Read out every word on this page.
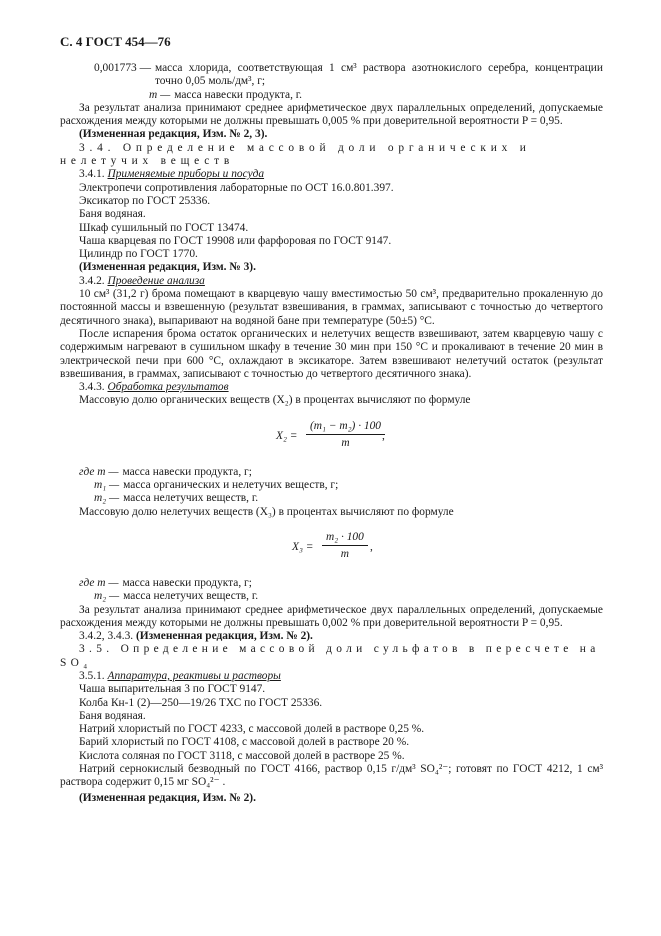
С. 4 ГОСТ 454—76
0,001773 — масса хлорида, соответствующая 1 см³ раствора азотнокислого серебра, концентрации точно 0,05 моль/дм³, г;
m — масса навески продукта, г.

За результат анализа принимают среднее арифметическое двух параллельных определений, допускаемые расхождения между которыми не должны превышать 0,005 % при доверительной вероятности P = 0,95.

(Измененная редакция, Изм. № 2, 3).

3.4. Определение массовой доли органических и нелетучих веществ

3.4.1. Применяемые приборы и посуда

Электропечи сопротивления лабораторные по ОСТ 16.0.801.397.

Эксикатор по ГОСТ 25336.

Баня водяная.

Шкаф сушильный по ГОСТ 13474.

Чаша кварцевая по ГОСТ 19908 или фарфоровая по ГОСТ 9147.

Цилиндр по ГОСТ 1770.

(Измененная редакция, Изм. № 3).

3.4.2. Проведение анализа

10 см³ (31,2 г) брома помещают в кварцевую чашу вместимостью 50 см³, предварительно прокаленную до постоянной массы и взвешенную (результат взвешивания, в граммах, записывают с точностью до четвертого десятичного знака), выпаривают на водяной бане при температуре (50±5) °С.

После испарения брома остаток органических и нелетучих веществ взвешивают, затем кварцевую чашу с содержимым нагревают в сушильном шкафу в течение 30 мин при 150 °С и прокаливают в течение 20 мин в электрической печи при 600 °С, охлаждают в эксикаторе. Затем взвешивают нелетучий остаток (результат взвешивания, в граммах, записывают с точностью до четвертого десятичного знака).

3.4.3. Обработка результатов

Массовую долю органических веществ (X₂) в процентах вычисляют по формуле

$X_2 = \frac{\text{(m₁ − m₂) · 100}}{m}$
,
где m — масса навески продукта, г;
m₁ — масса органических и нелетучих веществ, г;
m₂ — масса нелетучих веществ, г.

Массовую долю нелетучих веществ (X₃) в процентах вычисляют по формуле

$X_3 = \frac{\text{m₂ · 100}}{m}$ ,
где m — масса навески продукта, г;
m₂ — масса нелетучих веществ, г.

За результат анализа принимают среднее арифметическое двух параллельных определений, допускаемые расхождения между которыми не должны превышать 0,002 % при доверительной вероятности P = 0,95.

3.4.2, 3.4.3. (Измененная редакция, Изм. № 2).

3.5. Определение массовой доли сульфатов в пересчете на SO₄

3.5.1. Аппаратура, реактивы и растворы

Чаша выпарительная 3 по ГОСТ 9147.

Колба Кн-1 (2)—250—19/26 ТХС по ГОСТ 25336.

Баня водяная.

Натрий хлористый по ГОСТ 4233, с массовой долей в растворе 0,25 %.

Барий хлористый по ГОСТ 4108, с массовой долей в растворе 20 %.

Кислота соляная по ГОСТ 3118, с массовой долей в растворе 25 %.

Натрий сернокислый безводный по ГОСТ 4166, раствор 0,15 г/дм³ SO₄²⁻; готовят по ГОСТ 4212, 1 см³ раствора содержит 0,15 мг SO₄²⁻ .

(Измененная редакция, Изм. № 2).
